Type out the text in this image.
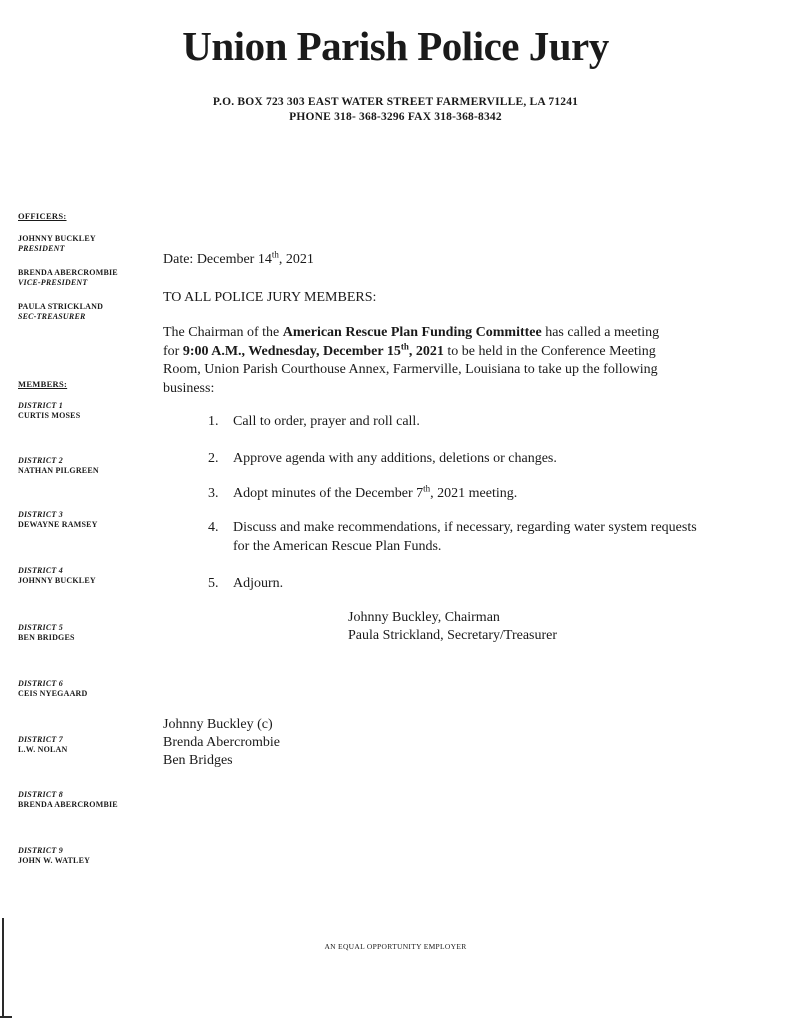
Union Parish Police Jury
P.O. BOX 723 303 EAST WATER STREET FARMERVILLE, LA 71241
PHONE 318- 368-3296 FAX 318-368-8342
OFFICERS:
JOHNNY BUCKLEY
PRESIDENT
BRENDA ABERCROMBIE
VICE-PRESIDENT
PAULA STRICKLAND
SEC-TREASURER
MEMBERS:
DISTRICT 1
CURTIS MOSES
DISTRICT 2
NATHAN PILGREEN
DISTRICT 3
DEWAYNE RAMSEY
DISTRICT 4
JOHNNY BUCKLEY
DISTRICT 5
BEN BRIDGES
DISTRICT 6
CEIS NYEGAARD
DISTRICT 7
L.W. NOLAN
DISTRICT 8
BRENDA ABERCROMBIE
DISTRICT 9
JOHN W. WATLEY
Date: December 14th, 2021
TO ALL POLICE JURY MEMBERS:
The Chairman of the American Rescue Plan Funding Committee has called a meeting for 9:00 A.M., Wednesday, December 15th, 2021 to be held in the Conference Meeting Room, Union Parish Courthouse Annex, Farmerville, Louisiana to take up the following business:
1. Call to order, prayer and roll call.
2. Approve agenda with any additions, deletions or changes.
3. Adopt minutes of the December 7th, 2021 meeting.
4. Discuss and make recommendations, if necessary, regarding water system requests for the American Rescue Plan Funds.
5. Adjourn.
Johnny Buckley, Chairman
Paula Strickland, Secretary/Treasurer
Johnny Buckley (c)
Brenda Abercrombie
Ben Bridges
AN EQUAL OPPORTUNITY EMPLOYER
